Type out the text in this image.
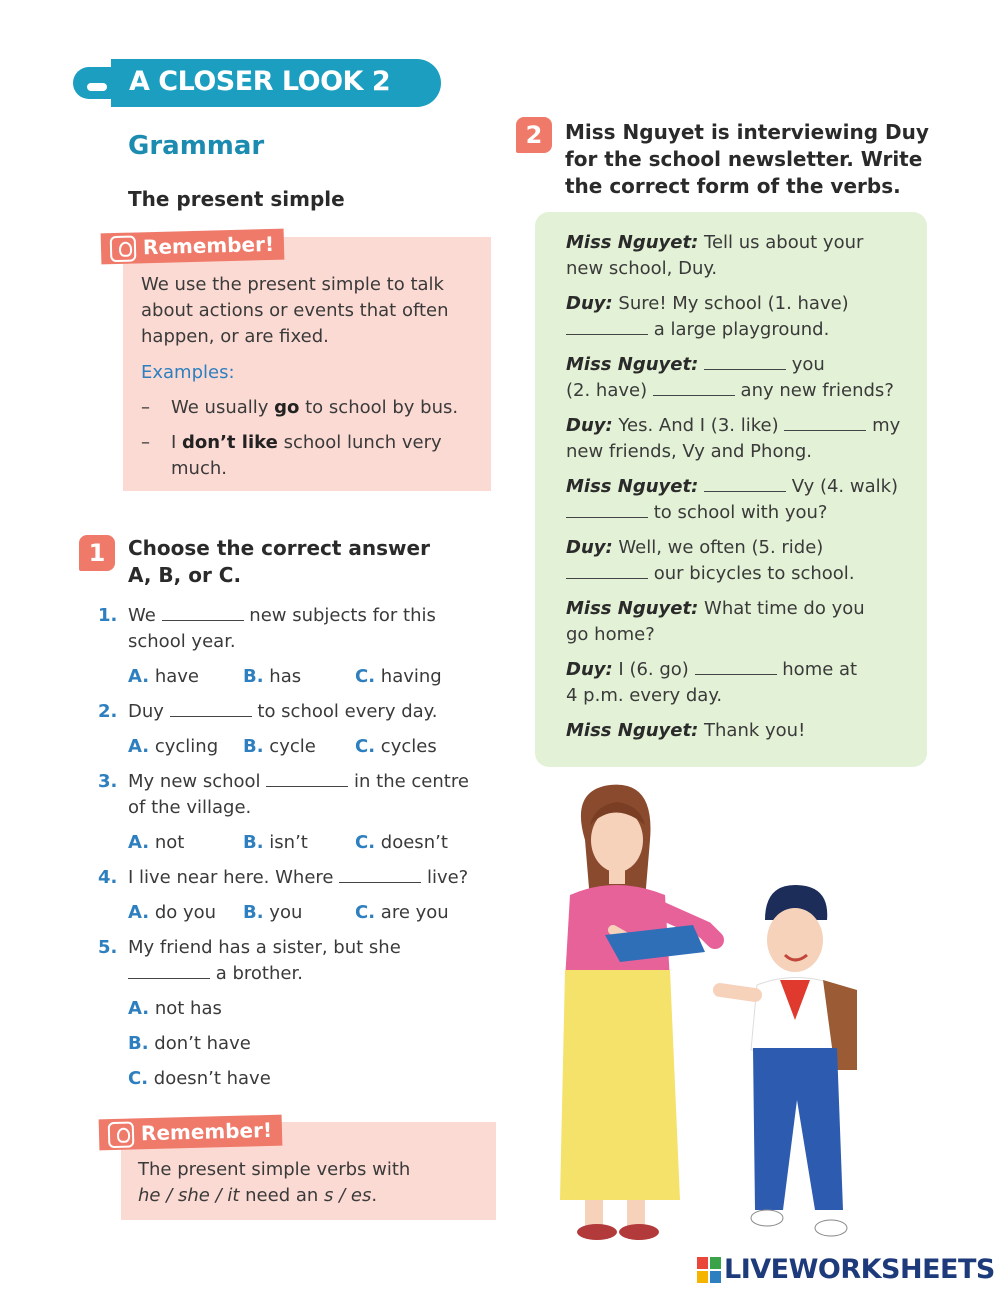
A CLOSER LOOK 2
Grammar
The present simple
Remember!
We use the present simple to talk
about actions or events that often
happen, or are fixed.
Examples:
– We usually go to school by bus.
– I don’t like school lunch very
much.
1	Choose the correct answer
A, B, or C.
1. We	new subjects for this
school year.
A. have B. has	C. having
2. Duy	to school every day.
A. cycling B. cycle C. cycles
3. My new school	in the centre
of the village.
A. not	B. isn’t	C. doesn’t
4. I live near here. Where	live?
A. do you B. you	C. are you
5. My friend has a sister, but she
a brother.
A. not has
B. don’t have
C. doesn’t have
Remember!
The present simple verbs with
he / she / it need an s / es.
2	Miss Nguyet is interviewing Duy
for the school newsletter. Write
the correct form of the verbs.
Miss Nguyet: Tell us about your
new school, Duy.
Duy: Sure! My school (1. have)
a large playground.
Miss Nguyet:	you
(2. have)	any new friends?
Duy: Yes. And I (3. like)	my
new friends, Vy and Phong.
Miss Nguyet:	Vy (4. walk)
to school with you?
Duy: Well, we often (5. ride)
our bicycles to school.
Miss Nguyet: What time do you
go home?
Duy: I (6. go)	home at
4 p.m. every day.
Miss Nguyet: Thank you!
LIVEWORKSHEETS
